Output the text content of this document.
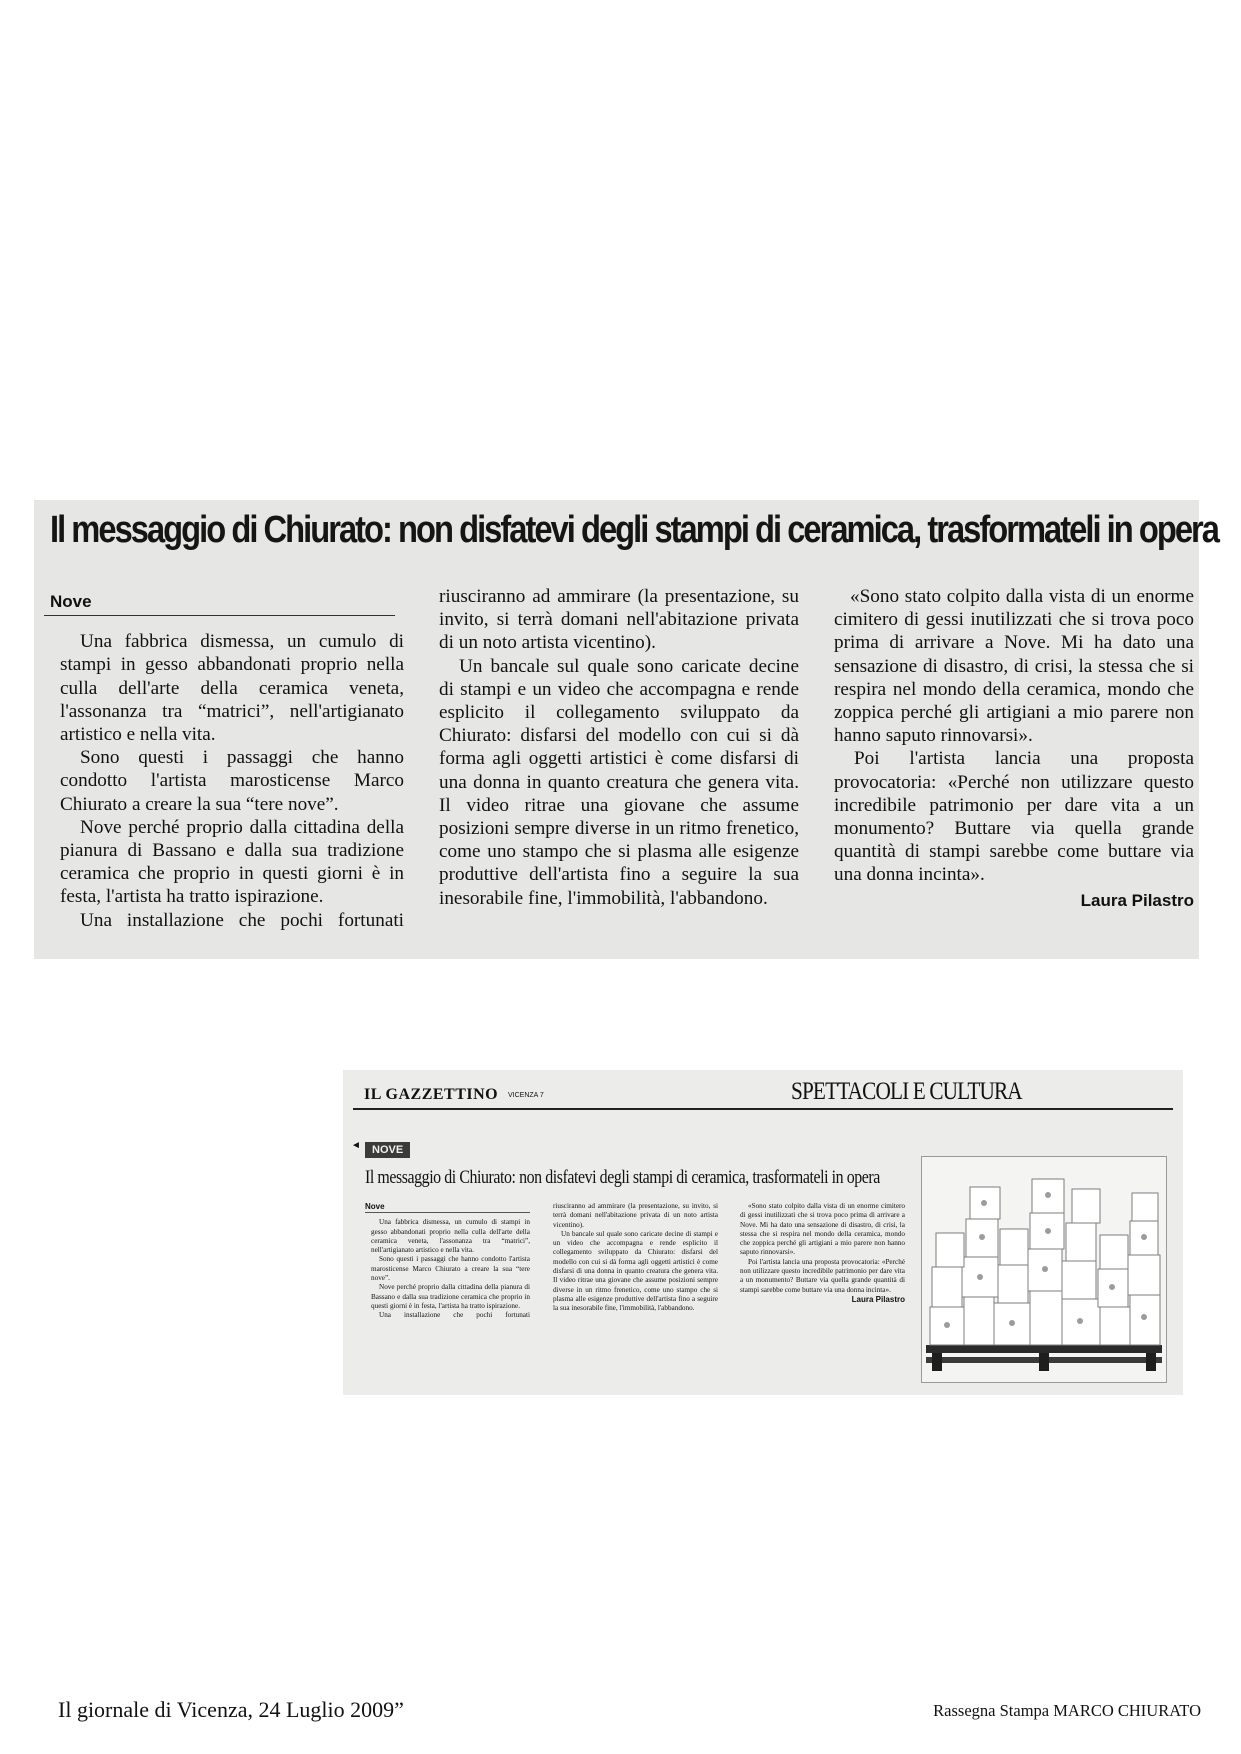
Il messaggio di Chiurato: non disfatevi degli stampi di ceramica, trasformateli in opera
Nove

Una fabbrica dismessa, un cumulo di stampi in gesso abbandonati proprio nella culla dell'arte della ceramica veneta, l'assonanza tra “matrici”, nell'artigianato artistico e nella vita.

Sono questi i passaggi che hanno condotto l'artista marosticense Marco Chiurato a creare la sua “tere nove”.

Nove perché proprio dalla cittadina della pianura di Bassano e dalla sua tradizione ceramica che proprio in questi giorni è in festa, l'artista ha tratto ispirazione.

Una installazione che pochi fortunati

riusciranno ad ammirare (la presentazione, su invito, si terrà domani nell'abitazione privata di un noto artista vicentino).

Un bancale sul quale sono caricate decine di stampi e un video che accompagna e rende esplicito il collegamento sviluppato da Chiurato: disfarsi del modello con cui si dà forma agli oggetti artistici è come disfarsi di una donna in quanto creatura che genera vita. Il video ritrae una giovane che assume posizioni sempre diverse in un ritmo frenetico, come uno stampo che si plasma alle esigenze produttive dell'artista fino a seguire la sua inesorabile fine, l'immobilità, l'abbandono.

«Sono stato colpito dalla vista di un enorme cimitero di gessi inutilizzati che si trova poco prima di arrivare a Nove. Mi ha dato una sensazione di disastro, di crisi, la stessa che si respira nel mondo della ceramica, mondo che zoppica perché gli artigiani a mio parere non hanno saputo rinnovarsi».

Poi l'artista lancia una proposta provocatoria: «Perché non utilizzare questo incredibile patrimonio per dare vita a un monumento? Buttare via quella grande quantità di stampi sarebbe come buttare via una donna incinta».

Laura Pilastro
IL GAZZETTINO VICENZA 7	SPETTACOLI E CULTURA
◄	NOVE
Il messaggio di Chiurato: non disfatevi degli stampi di ceramica, trasformateli in opera
Nove

Una fabbrica dismessa, un cumulo di stampi in gesso abbandonati proprio nella culla dell'arte della ceramica veneta, l'assonanza tra “matrici”, nell'artigianato artistico e nella vita.

Sono questi i passaggi che hanno condotto l'artista marosticense Marco Chiurato a creare la sua “tere nove”.

Nove perché proprio dalla cittadina della pianura di Bassano e dalla sua tradizione ceramica che proprio in questi giorni è in festa, l'artista ha tratto ispirazione.

Una installazione che pochi fortunati

riusciranno ad ammirare (la presentazione, su invito, si terrà domani nell'abitazione privata di un noto artista vicentino).

Un bancale sul quale sono caricate decine di stampi e un video che accompagna e rende esplicito il collegamento sviluppato da Chiurato: disfarsi del modello con cui si dà forma agli oggetti artistici è come disfarsi di una donna in quanto creatura che genera vita. Il video ritrae una giovane che assume posizioni sempre diverse in un ritmo frenetico, come uno stampo che si plasma alle esigenze produttive dell'artista fino a seguire la sua inesorabile fine, l'immobilità, l'abbandono.

«Sono stato colpito dalla vista di un enorme cimitero di gessi inutilizzati che si trova poco prima di arrivare a Nove. Mi ha dato una sensazione di disastro, di crisi, la stessa che si respira nel mondo della ceramica, mondo che zoppica perché gli artigiani a mio parere non hanno saputo rinnovarsi».

Poi l'artista lancia una proposta provocatoria: «Perché non utilizzare questo incredibile patrimonio per dare vita a un monumento? Buttare via quella grande quantità di stampi sarebbe come buttare via una donna incinta».

Laura Pilastro
Il giornale di Vicenza, 24 Luglio 2009”	Rassegna Stampa MARCO CHIURATO
